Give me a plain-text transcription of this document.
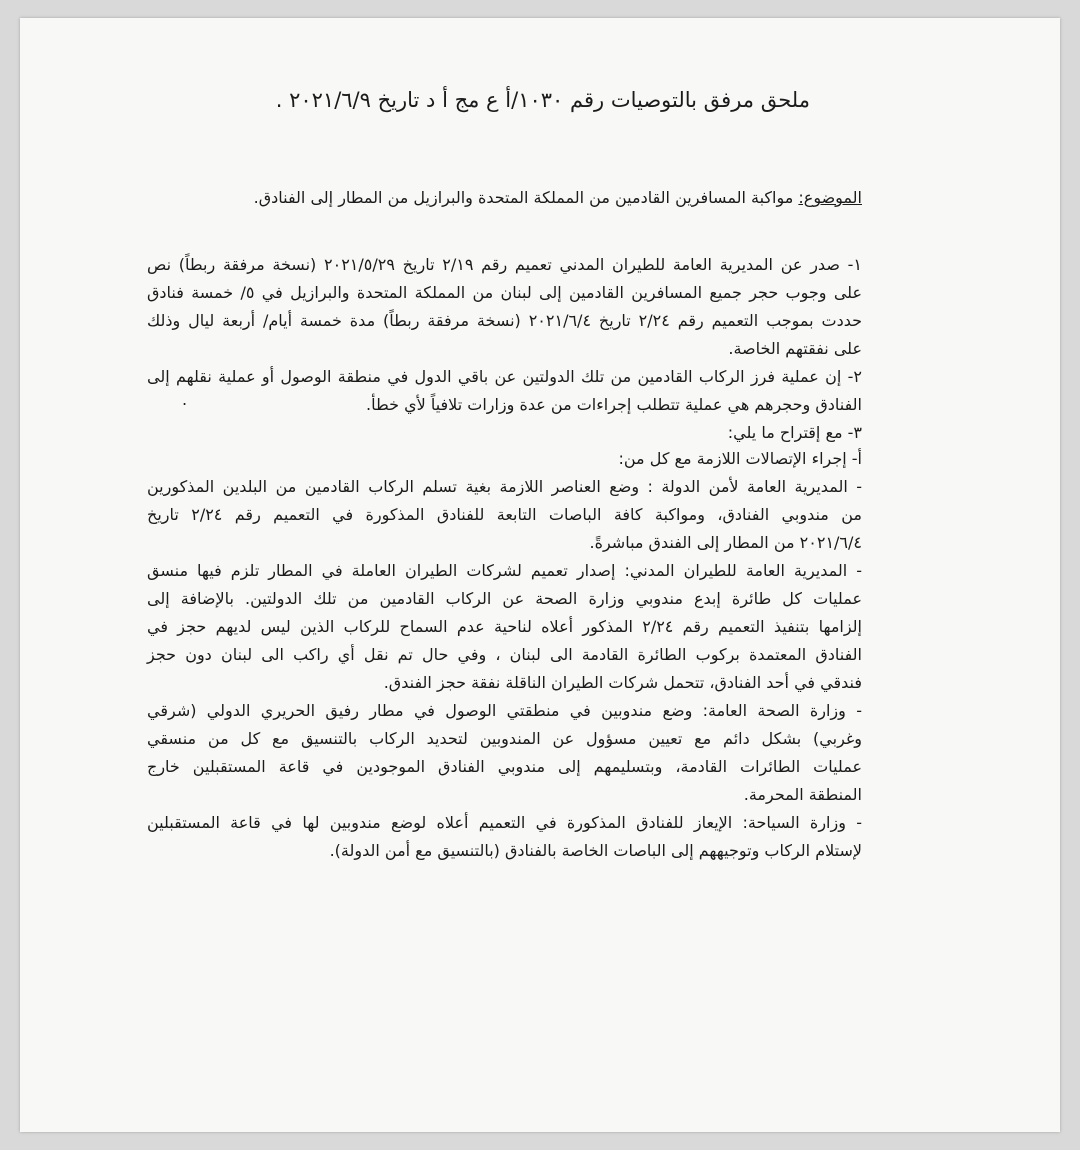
ملحق مرفق بالتوصيات رقم ١٠٣٠/أ ع مج أ د تاريخ ٢٠٢١/٦/٩ .
الموضوع: مواكبة المسافرين القادمين من المملكة المتحدة والبرازيل من المطار إلى الفنادق.
١- صدر عن المديرية العامة للطيران المدني تعميم رقم ٢/١٩ تاريخ ٢٠٢١/٥/٢٩ (نسخة مرفقة ربطاً) نص
على وجوب حجر جميع المسافرين القادمين إلى لبنان من المملكة المتحدة والبرازيل في ٥/ خمسة فنادق
حددت بموجب التعميم رقم ٢/٢٤ تاريخ ٢٠٢١/٦/٤ (نسخة مرفقة ربطاً) مدة خمسة أيام/ أربعة ليال وذلك
على نفقتهم الخاصة.
٢- إن عملية فرز الركاب القادمين من تلك الدولتين عن باقي الدول في منطقة الوصول أو عملية نقلهم إلى
الفنادق وحجرهم هي عملية تتطلب إجراءات من عدة وزارات تلافياً لأي خطأ.
.
٣- مع إقتراح ما يلي:
أ- إجراء الإتصالات اللازمة مع كل من:
- المديرية العامة لأمن الدولة : وضع العناصر اللازمة بغية تسلم الركاب القادمين من البلدين المذكورين
من مندوبي الفنادق، ومواكبة كافة الباصات التابعة للفنادق المذكورة في التعميم رقم ٢/٢٤ تاريخ
٢٠٢١/٦/٤ من المطار إلى الفندق مباشرةً.
- المديرية العامة للطيران المدني: إصدار تعميم لشركات الطيران العاملة في المطار تلزم فيها منسق
عمليات كل طائرة إبدع مندوبي وزارة الصحة عن الركاب القادمين من تلك الدولتين. بالإضافة إلى
إلزامها بتنفيذ التعميم رقم ٢/٢٤ المذكور أعلاه لناحية عدم السماح للركاب الذين ليس لديهم حجز في
الفنادق المعتمدة بركوب الطائرة القادمة الى لبنان ، وفي حال تم نقل أي راكب الى لبنان دون حجز
فندقي في أحد الفنادق، تتحمل شركات الطيران الناقلة نفقة حجز الفندق.
- وزارة الصحة العامة: وضع مندوبين في منطقتي الوصول في مطار رفيق الحريري الدولي (شرقي
وغربي) بشكل دائم مع تعيين مسؤول عن المندوبين لتحديد الركاب بالتنسيق مع كل من منسقي
عمليات الطائرات القادمة، وبتسليمهم إلى مندوبي الفنادق الموجودين في قاعة المستقبلين خارج
المنطقة المحرمة.
- وزارة السياحة: الإيعاز للفنادق المذكورة في التعميم أعلاه لوضع مندوبين لها في قاعة المستقبلين
لإستلام الركاب وتوجيههم إلى الباصات الخاصة بالفنادق (بالتنسيق مع أمن الدولة).
